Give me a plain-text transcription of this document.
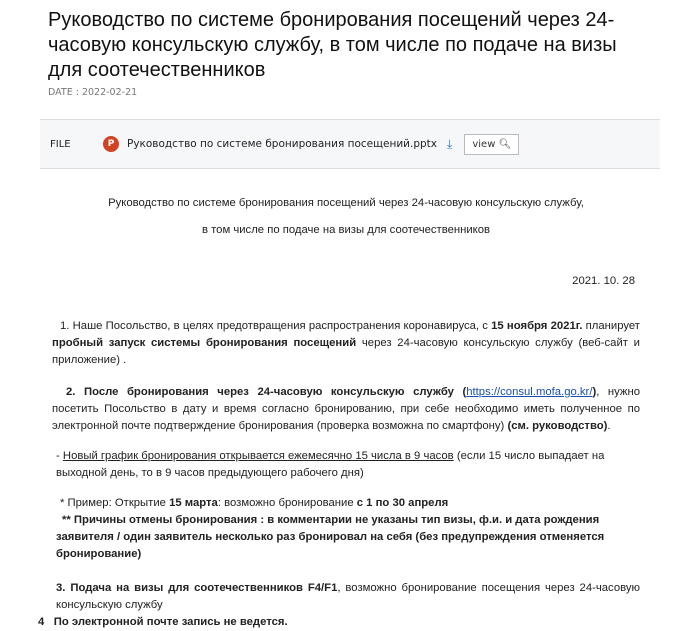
Руководство по системе бронирования посещений через 24-часовую консульскую службу, в том числе по подаче на визы для соотечественников
DATE : 2022-02-21
FILE	P	Руководство по системе бронирования посещений.pptx ⤓	view 🔍︎
Руководство по системе бронирования посещений через 24-часовую консульскую службу,
в том числе по подаче на визы для соотечественников
2021. 10. 28

1. Наше Посольство, в целях предотвращения распространения коронавируса, с 15 ноября 2021г. планирует пробный запуск системы бронирования посещений через 24-часовую консульскую службу (веб-сайт и приложение) .

2. После бронирования через 24-часовую консульскую службу (https://consul.mofa.go.kr/), нужно посетить Посольство в дату и время согласно бронированию, при себе необходимо иметь полученное по электронной почте подтверждение бронирования (проверка возможна по смартфону) (см. руководство).

- Новый график бронирования открывается ежемесячно 15 числа в 9 часов (если 15 число выпадает на выходной день, то в 9 часов предыдующего рабочего дня)

* Пример: Открытие 15 марта: возможно бронирование с 1 по 30 апреля

** Причины отмены бронирования : в комментарии не указаны тип визы, ф.и. и дата рождения заявителя / один заявитель несколько раз бронировал на себя (без предупреждения отменяется бронирование)

3. Подача на визы для соотечественников F4/F1, возможно бронирование посещения через 24-часовую консульскую службу

4   По электронной почте запись не ведется.
